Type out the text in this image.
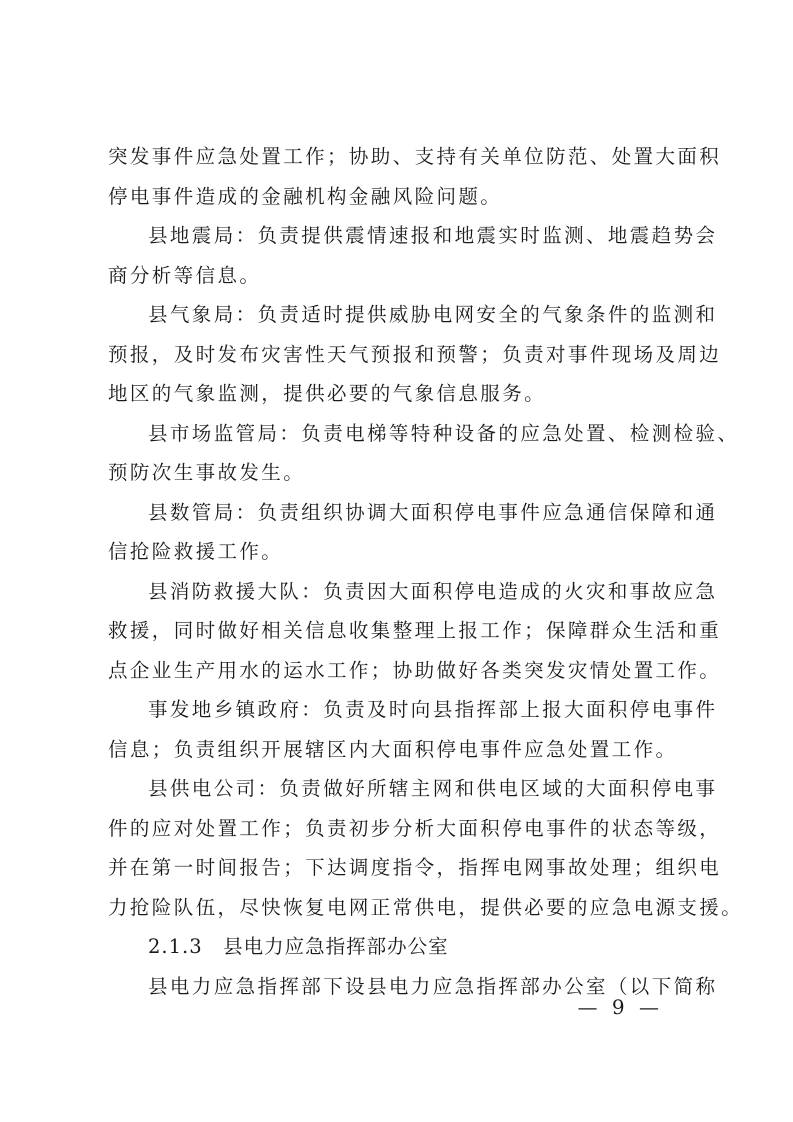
突发事件应急处置工作；协助、支持有关单位防范、处置大面积
停电事件造成的金融机构金融风险问题。
县地震局：负责提供震情速报和地震实时监测、地震趋势会
商分析等信息。
县气象局：负责适时提供威胁电网安全的气象条件的监测和
预报，及时发布灾害性天气预报和预警；负责对事件现场及周边
地区的气象监测，提供必要的气象信息服务。
县市场监管局：负责电梯等特种设备的应急处置、检测检验、
预防次生事故发生。
县数管局：负责组织协调大面积停电事件应急通信保障和通
信抢险救援工作。
县消防救援大队：负责因大面积停电造成的火灾和事故应急
救援，同时做好相关信息收集整理上报工作；保障群众生活和重
点企业生产用水的运水工作；协助做好各类突发灾情处置工作。
事发地乡镇政府：负责及时向县指挥部上报大面积停电事件
信息；负责组织开展辖区内大面积停电事件应急处置工作。
县供电公司：负责做好所辖主网和供电区域的大面积停电事
件的应对处置工作；负责初步分析大面积停电事件的状态等级，
并在第一时间报告；下达调度指令，指挥电网事故处理；组织电
力抢险队伍，尽快恢复电网正常供电，提供必要的应急电源支援。
2.1.3　县电力应急指挥部办公室
县电力应急指挥部下设县电力应急指挥部办公室（以下简称
— 9 —
